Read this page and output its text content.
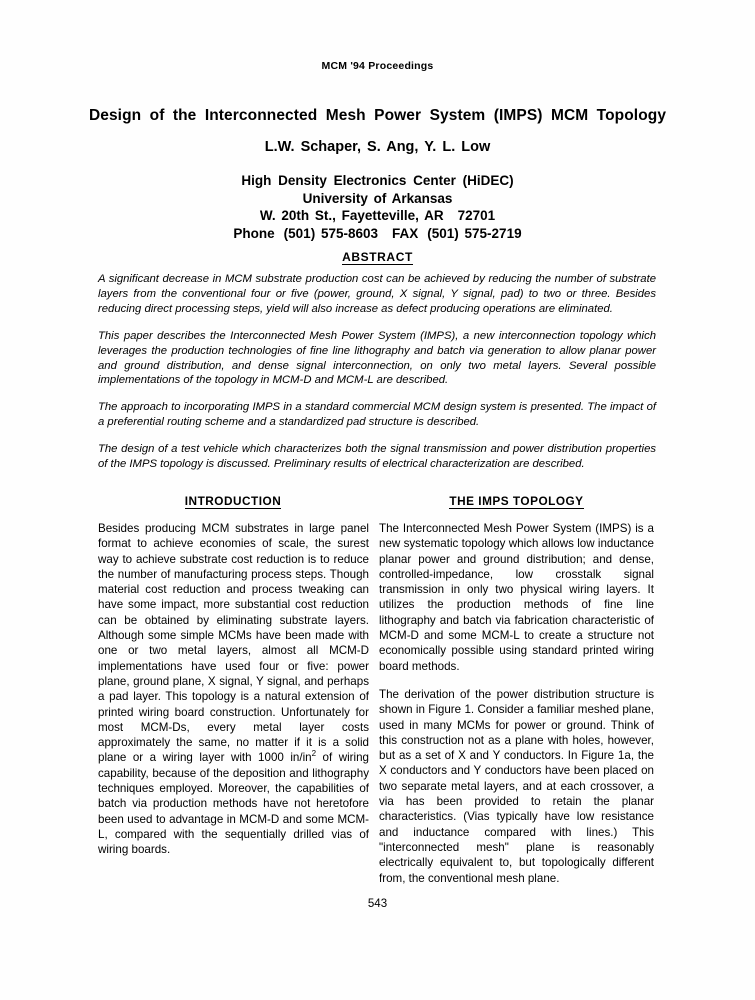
MCM '94 Proceedings
Design of the Interconnected Mesh Power System (IMPS) MCM Topology
L.W. Schaper, S. Ang, Y. L. Low
High Density Electronics Center (HiDEC)
University of Arkansas
W. 20th St., Fayetteville, AR 72701
Phone (501) 575-8603 FAX (501) 575-2719
ABSTRACT

A significant decrease in MCM substrate production cost can be achieved by reducing the number of substrate layers from the conventional four or five (power, ground, X signal, Y signal, pad) to two or three. Besides reducing direct processing steps, yield will also increase as defect producing operations are eliminated.

This paper describes the Interconnected Mesh Power System (IMPS), a new interconnection topology which leverages the production technologies of fine line lithography and batch via generation to allow planar power and ground distribution, and dense signal interconnection, on only two metal layers. Several possible implementations of the topology in MCM-D and MCM-L are described.

The approach to incorporating IMPS in a standard commercial MCM design system is presented. The impact of a preferential routing scheme and a standardized pad structure is described.

The design of a test vehicle which characterizes both the signal transmission and power distribution properties of the IMPS topology is discussed. Preliminary results of electrical characterization are described.

INTRODUCTION	THE IMPS TOPOLOGY

Besides producing MCM substrates in large panel format to achieve economies of scale, the surest way to achieve substrate cost reduction is to reduce the number of manufacturing process steps. Though material cost reduction and process tweaking can have some impact, more substantial cost reduction can be obtained by eliminating substrate layers. Although some simple MCMs have been made with one or two metal layers, almost all MCM-D implementations have used four or five: power plane, ground plane, X signal, Y signal, and perhaps a pad layer. This topology is a natural extension of printed wiring board construction. Unfortunately for most MCM-Ds, every metal layer costs approximately the same, no matter if it is a solid plane or a wiring layer with 1000 $in/in^2$ of wiring capability, because of the deposition and lithography techniques employed. Moreover, the capabilities of batch via production methods have not heretofore been used to advantage in MCM-D and some MCM-L, compared with the sequentially drilled vias of wiring boards.

The Interconnected Mesh Power System (IMPS) is a new systematic topology which allows low inductance planar power and ground distribution; and dense, controlled-impedance, low crosstalk signal transmission in only two physical wiring layers. It utilizes the production methods of fine line lithography and batch via fabrication characteristic of MCM-D and some MCM-L to create a structure not economically possible using standard printed wiring board methods.

The derivation of the power distribution structure is shown in Figure 1. Consider a familiar meshed plane, used in many MCMs for power or ground. Think of this construction not as a plane with holes, however, but as a set of X and Y conductors. In Figure 1a, the X conductors and Y conductors have been placed on two separate metal layers, and at each crossover, a via has been provided to retain the planar characteristics. (Vias typically have low resistance and inductance compared with lines.) This "interconnected mesh" plane is reasonably electrically equivalent to, but topologically different from, the conventional mesh plane.

543
